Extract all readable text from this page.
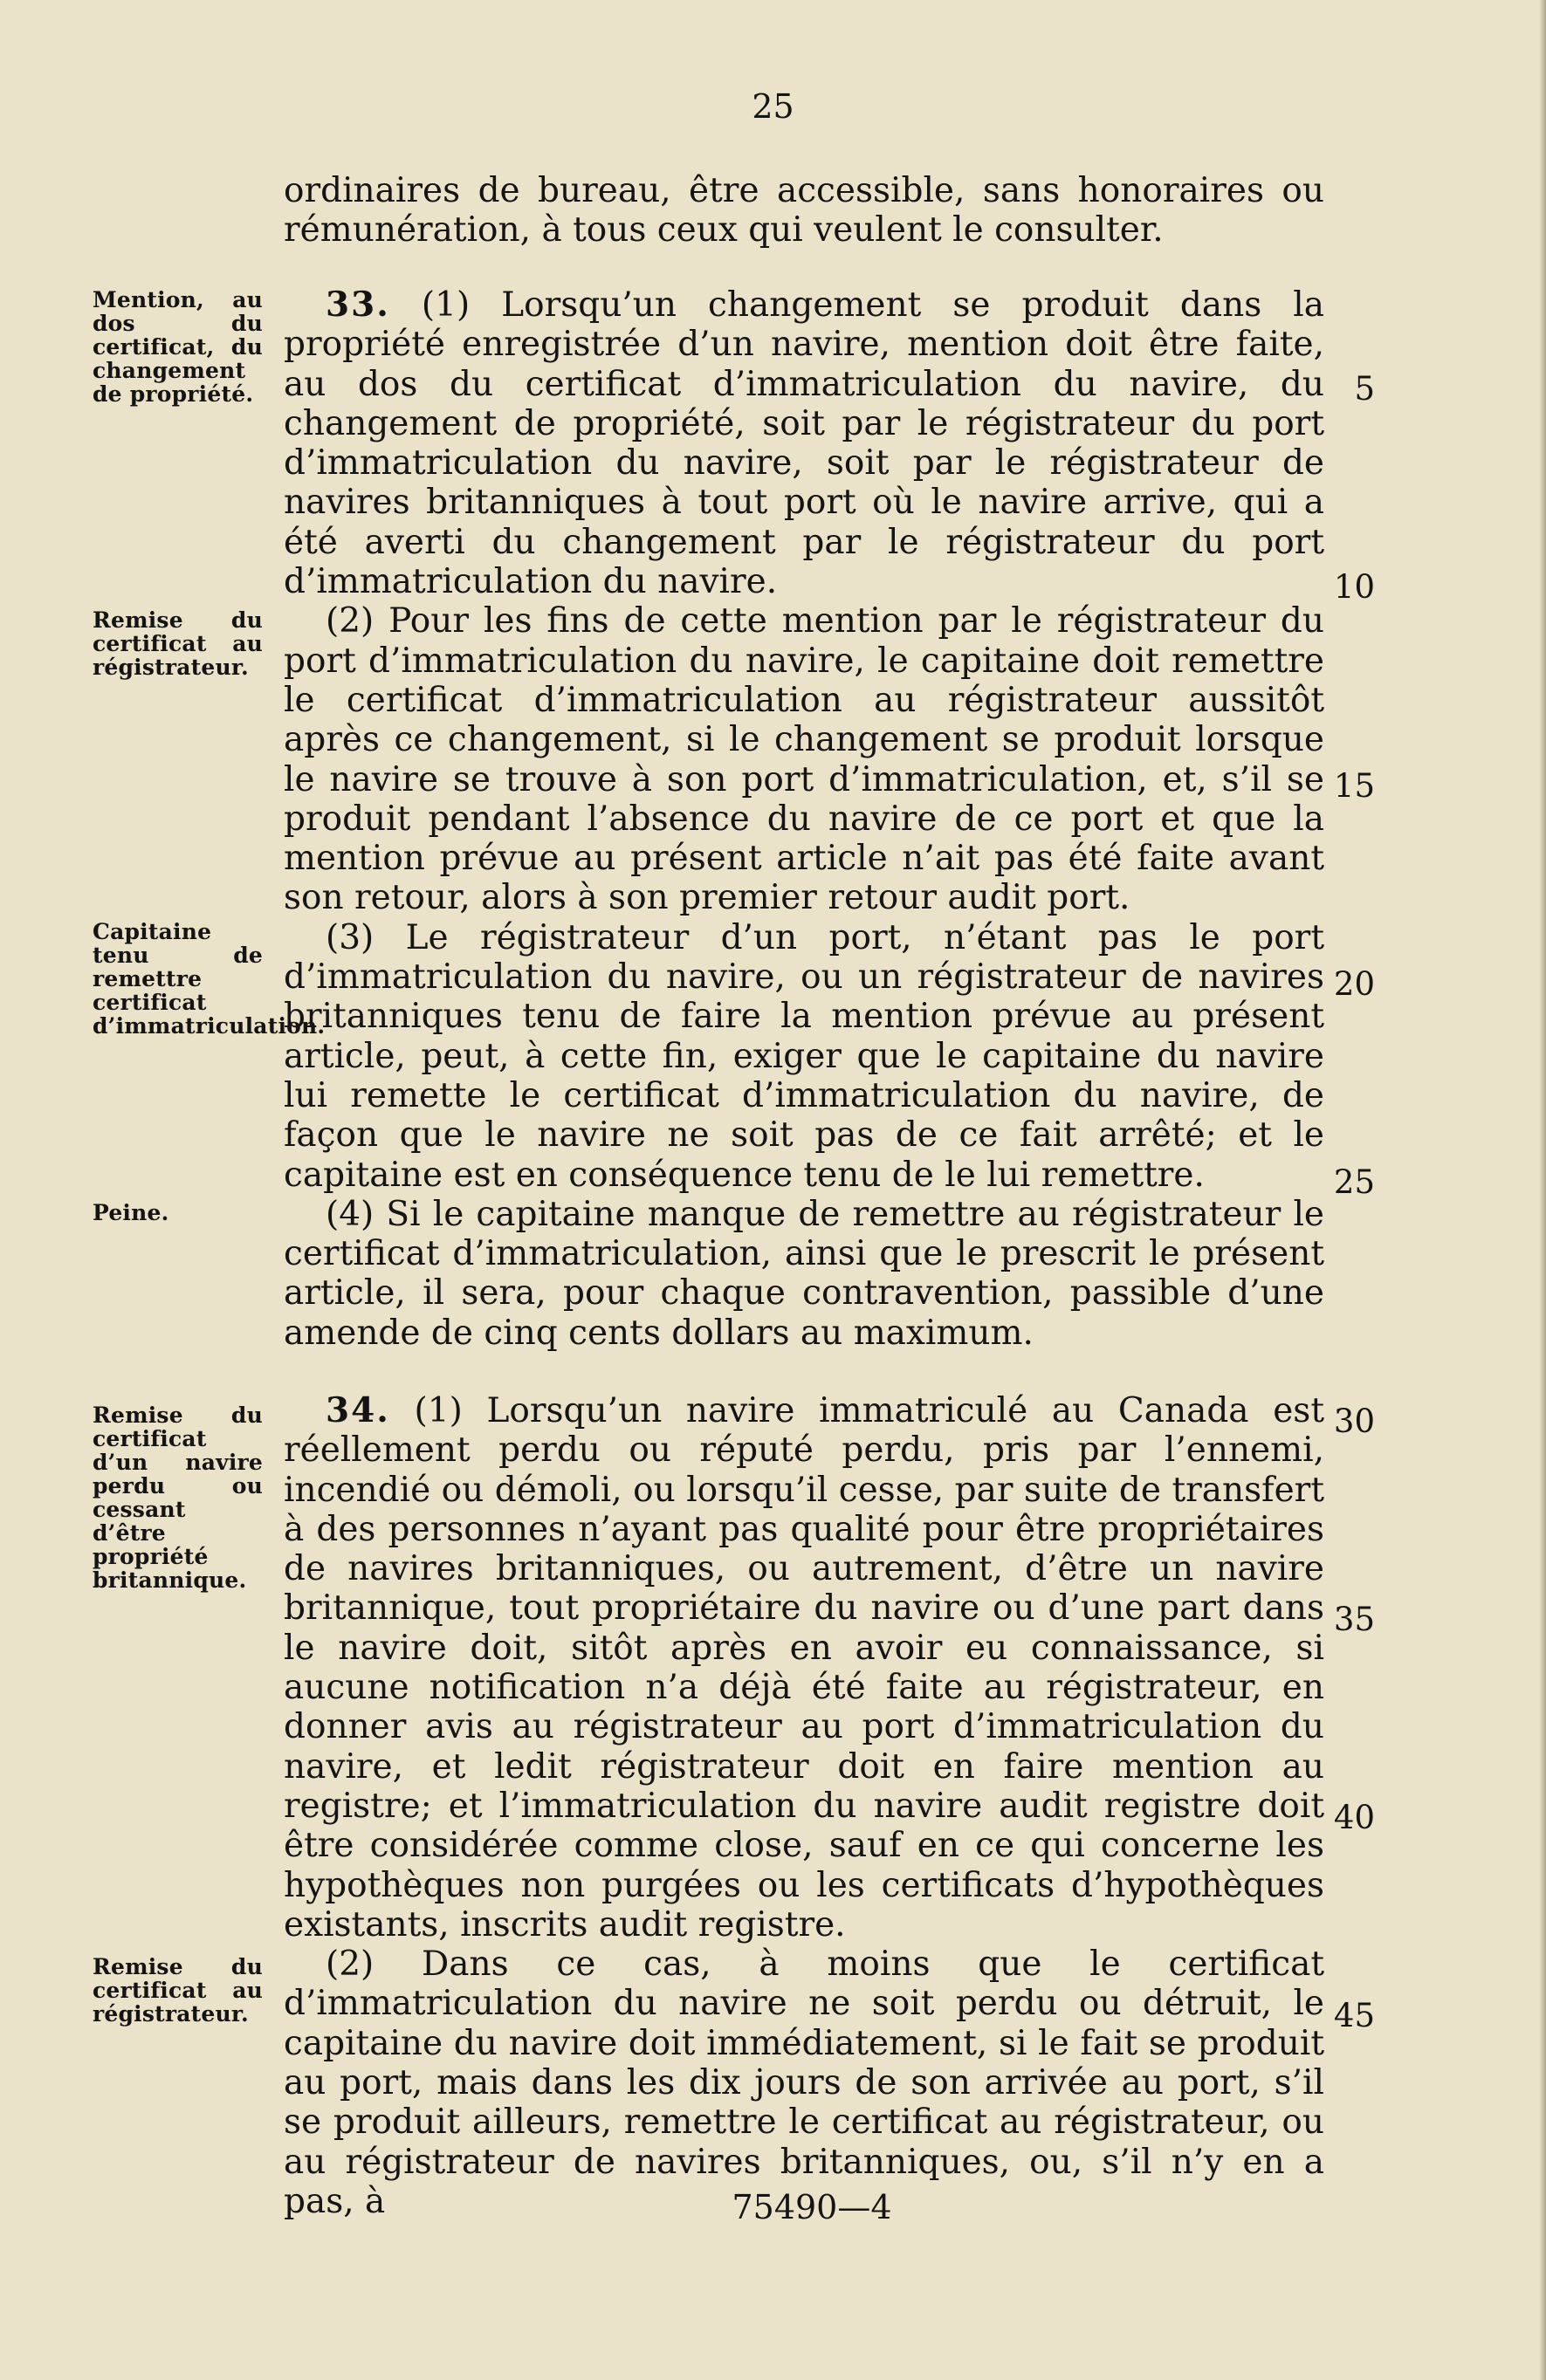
25

ordinaires de bureau, être accessible, sans honoraires ou rémunération, à tous ceux qui veulent le consulter.

33. (1) Lorsqu’un changement se produit dans la propriété enregistrée d’un navire, mention doit être faite, au dos du certificat d’immatriculation du navire, du changement de propriété, soit par le régistrateur du port d’immatriculation du navire, soit par le régistrateur de navires britanniques à tout port où le navire arrive, qui a été averti du changement par le régistrateur du port d’immatriculation du navire.

(2) Pour les fins de cette mention par le régistrateur du port d’immatriculation du navire, le capitaine doit remettre le certificat d’immatriculation au régistrateur aussitôt après ce changement, si le changement se produit lorsque le navire se trouve à son port d’immatriculation, et, s’il se produit pendant l’absence du navire de ce port et que la mention prévue au présent article n’ait pas été faite avant son retour, alors à son premier retour audit port.

(3) Le régistrateur d’un port, n’étant pas le port d’immatriculation du navire, ou un régistrateur de navires britanniques tenu de faire la mention prévue au présent article, peut, à cette fin, exiger que le capitaine du navire lui remette le certificat d’immatriculation du navire, de façon que le navire ne soit pas de ce fait arrêté; et le capitaine est en conséquence tenu de le lui remettre.

(4) Si le capitaine manque de remettre au régistrateur le certificat d’immatriculation, ainsi que le prescrit le présent article, il sera, pour chaque contravention, passible d’une amende de cinq cents dollars au maximum.

34. (1) Lorsqu’un navire immatriculé au Canada est réellement perdu ou réputé perdu, pris par l’ennemi, incendié ou démoli, ou lorsqu’il cesse, par suite de transfert à des personnes n’ayant pas qualité pour être propriétaires de navires britanniques, ou autrement, d’être un navire britannique, tout propriétaire du navire ou d’une part dans le navire doit, sitôt après en avoir eu connaissance, si aucune notification n’a déjà été faite au régistrateur, en donner avis au régistrateur au port d’immatriculation du navire, et ledit régistrateur doit en faire mention au registre; et l’immatriculation du navire audit registre doit être considérée comme close, sauf en ce qui concerne les hypothèques non purgées ou les certificats d’hypothèques existants, inscrits audit registre.

(2) Dans ce cas, à moins que le certificat d’immatriculation du navire ne soit perdu ou détruit, le capitaine du navire doit immédiatement, si le fait se produit au port, mais dans les dix jours de son arrivée au port, s’il se produit ailleurs, remettre le certificat au régistrateur, ou au régistrateur de navires britanniques, ou, s’il n’y en a pas, à

Mention, au dos du certificat, du changement de propriété.
Remise du certificat au régistrateur.
Capitaine tenu de remettre certificat d’immatriculation.
Peine.
Remise du certificat d’un navire perdu ou cessant d’être propriété britannique.
Remise du certificat au régistrateur.
5
10
15
20
25
30
35
40
45
75490—4
